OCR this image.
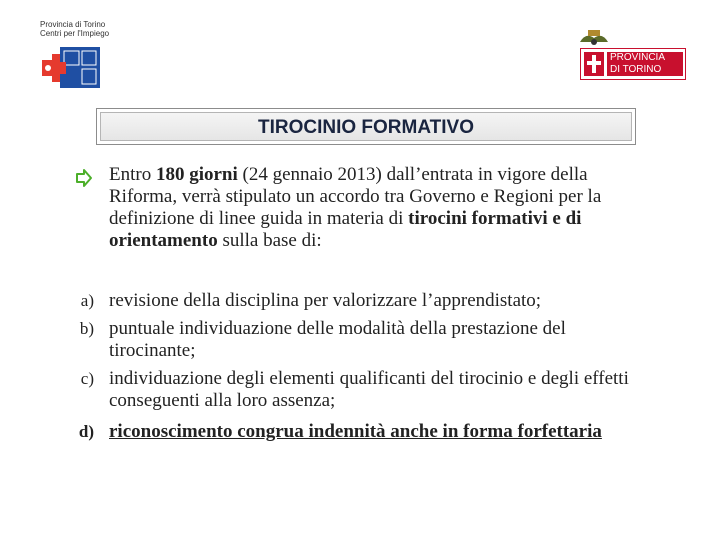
Provincia di Torino
Centri per l'Impiego
PROVINCIA
DI TORINO
TIROCINIO FORMATIVO
Entro 180 giorni (24 gennaio 2013) dall’entrata in vigore della Riforma, verrà stipulato un accordo tra Governo e Regioni per la definizione di linee guida in materia di tirocini formativi e di orientamento sulla base di:
a) revisione della disciplina per valorizzare l’apprendistato;
b) puntuale individuazione delle modalità della prestazione del tirocinante;
c) individuazione degli elementi qualificanti del tirocinio e degli effetti conseguenti alla loro assenza;
d) riconoscimento congrua indennità anche in forma forfettaria
